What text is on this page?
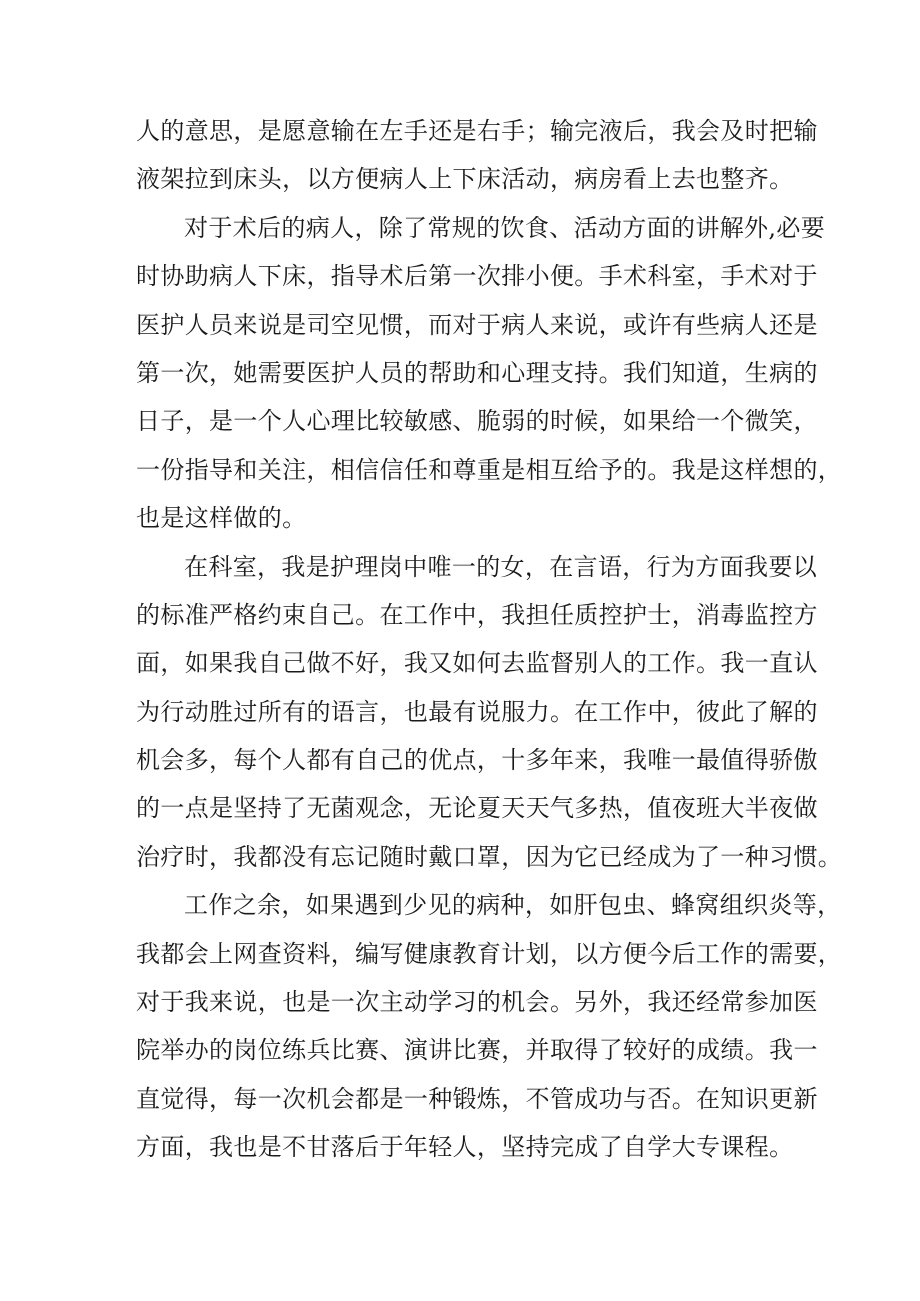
人的意思，是愿意输在左手还是右手；输完液后，我会及时把输
液架拉到床头，以方便病人上下床活动，病房看上去也整齐。
对于术后的病人，除了常规的饮食、活动方面的讲解外,必要
时协助病人下床，指导术后第一次排小便。手术科室，手术对于
医护人员来说是司空见惯，而对于病人来说，或许有些病人还是
第一次，她需要医护人员的帮助和心理支持。我们知道，生病的
日子，是一个人心理比较敏感、脆弱的时候，如果给一个微笑，
一份指导和关注，相信信任和尊重是相互给予的。我是这样想的，
也是这样做的。
在科室，我是护理岗中唯一的女，在言语，行为方面我要以
的标准严格约束自己。在工作中，我担任质控护士，消毒监控方
面，如果我自己做不好，我又如何去监督别人的工作。我一直认
为行动胜过所有的语言，也最有说服力。在工作中，彼此了解的
机会多，每个人都有自己的优点，十多年来，我唯一最值得骄傲
的一点是坚持了无菌观念，无论夏天天气多热，值夜班大半夜做
治疗时，我都没有忘记随时戴口罩，因为它已经成为了一种习惯。
工作之余，如果遇到少见的病种，如肝包虫、蜂窝组织炎等，
我都会上网查资料，编写健康教育计划，以方便今后工作的需要，
对于我来说，也是一次主动学习的机会。另外，我还经常参加医
院举办的岗位练兵比赛、演讲比赛，并取得了较好的成绩。我一
直觉得，每一次机会都是一种锻炼，不管成功与否。在知识更新
方面，我也是不甘落后于年轻人，坚持完成了自学大专课程。
